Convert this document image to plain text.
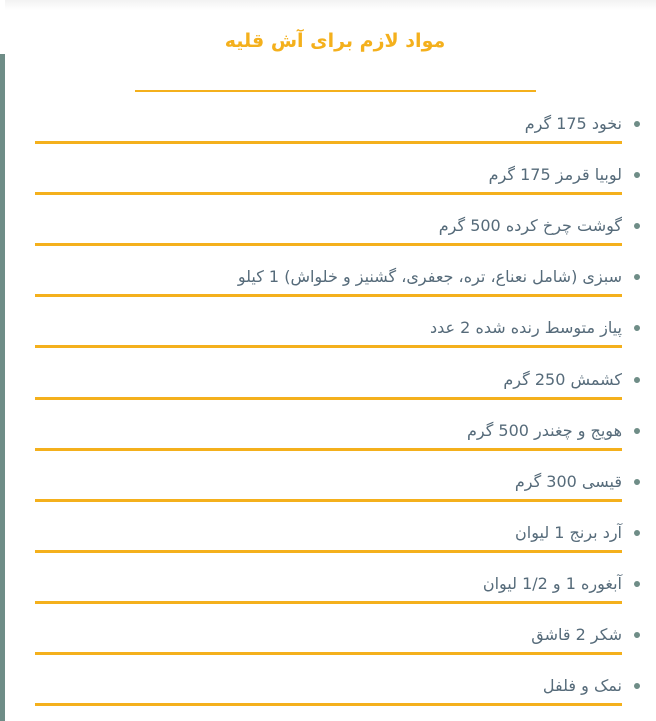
مواد لازم برای آش قلیه
نخود 175 گرم
لوبیا قرمز 175 گرم
گوشت چرخ کرده 500 گرم
سبزی (شامل نعناع، تره، جعفری، گشنیز و خلواش) 1 کیلو
پیاز متوسط رنده شده 2 عدد
کشمش 250 گرم
هویج و چغندر 500 گرم
قیسی 300 گرم
آرد برنج 1 لیوان
آبغوره 1 و 1/2 لیوان
شکر 2 قاشق
نمک و فلفل
